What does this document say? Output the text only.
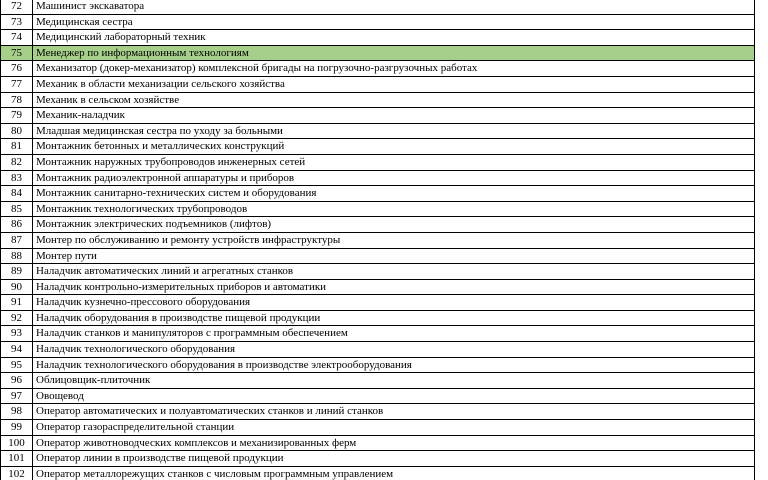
72	Машинист экскаватора
73	Медицинская сестра
74	Медицинский лабораторный техник
75	Менеджер по информационным технологиям
76	Механизатор (докер-механизатор) комплексной бригады на погрузочно-разгрузочных работах
77	Механик в области механизации сельского хозяйства
78	Механик в сельском хозяйстве
79	Механик-наладчик
80	Младшая медицинская сестра по уходу за больными
81	Монтажник бетонных и металлических конструкций
82	Монтажник наружных трубопроводов инженерных сетей
83	Монтажник радиоэлектронной аппаратуры и приборов
84	Монтажник санитарно-технических систем и оборудования
85	Монтажник технологических трубопроводов
86	Монтажник электрических подъемников (лифтов)
87	Монтер по обслуживанию и ремонту устройств инфраструктуры
88	Монтер пути
89	Наладчик автоматических линий и агрегатных станков
90	Наладчик контрольно-измерительных приборов и автоматики
91	Наладчик кузнечно-прессового оборудования
92	Наладчик оборудования в производстве пищевой продукции
93	Наладчик станков и манипуляторов с программным обеспечением
94	Наладчик технологического оборудования
95	Наладчик технологического оборудования в производстве электрооборудования
96	Облицовщик-плиточник
97	Овощевод
98	Оператор автоматических и полуавтоматических станков и линий станков
99	Оператор газораспределительной станции
100	Оператор животноводческих комплексов и механизированных ферм
101	Оператор линии в производстве пищевой продукции
102	Оператор металлорежущих станков с числовым программным управлением
